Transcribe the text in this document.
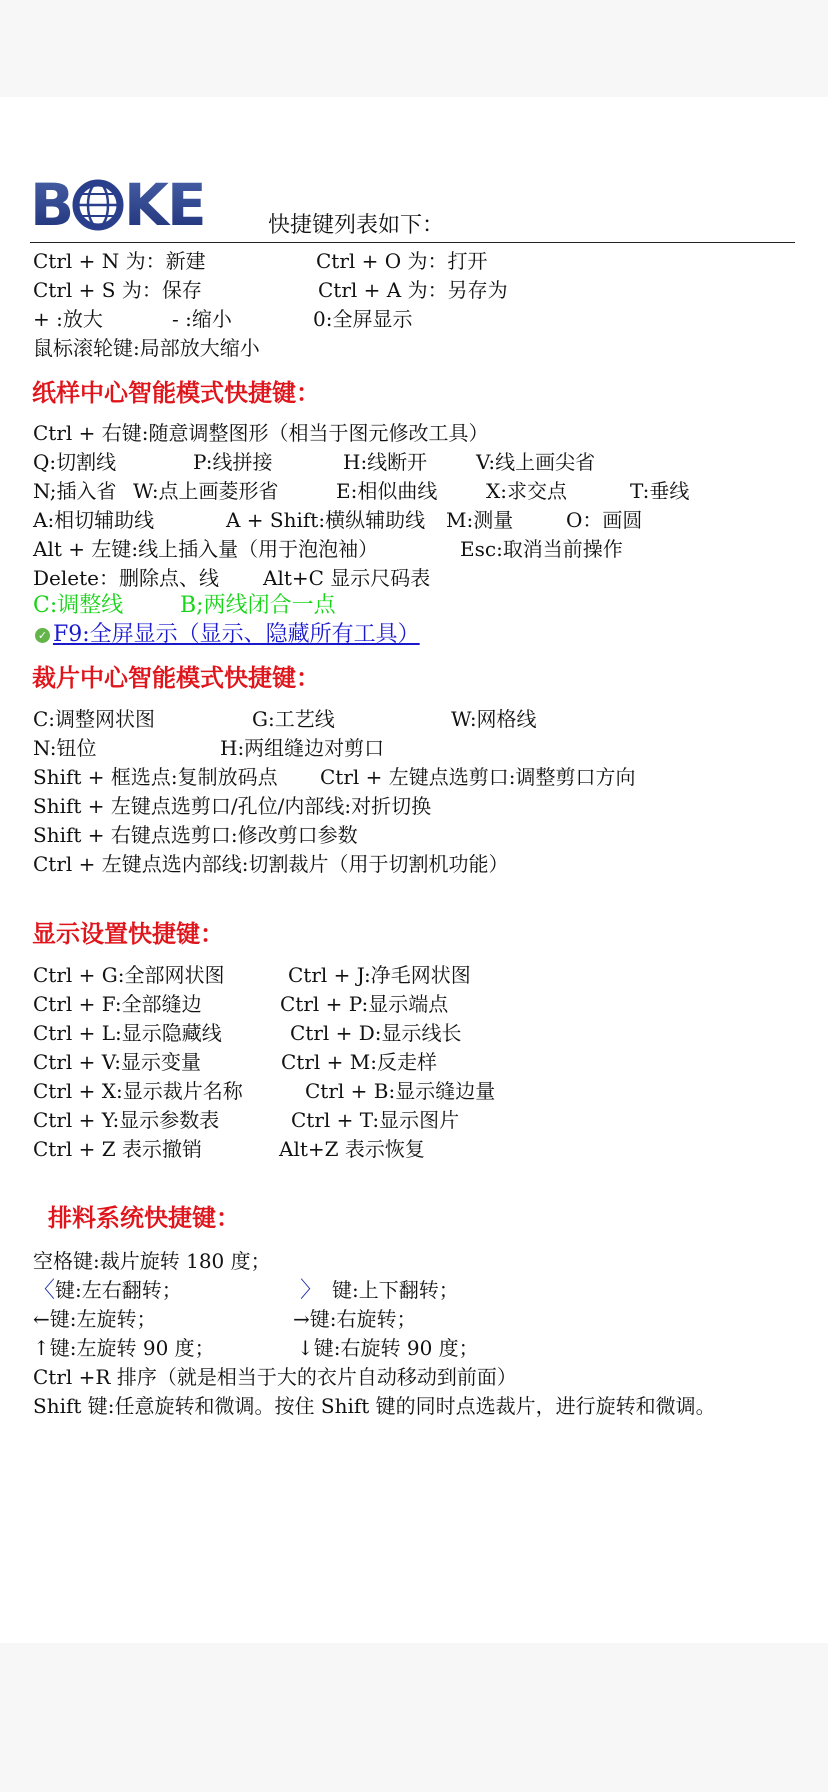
B KE	快捷键列表如下：
Ctrl + N 为：新建	Ctrl + O 为：打开
Ctrl + S 为：保存	Ctrl + A 为：另存为
+ :放大	- :缩小	0:全屏显示
鼠标滚轮键:局部放大缩小
纸样中心智能模式快捷键：
Ctrl + 右键:随意调整图形（相当于图元修改工具）
Q:切割线	P:线拼接	H:线断开 V:线上画尖省
N;插入省 W:点上画菱形省	E:相似曲线 X:求交点	T:垂线
A:相切辅助线	A + Shift:横纵辅助线 M:测量	O：画圆
Alt + 左键:线上插入量（用于泡泡袖）	Esc:取消当前操作
Delete：删除点、线 Alt+C 显示尺码表
C:调整线	B;两线闭合一点
✓ F9:全屏显示（显示、隐藏所有工具）
裁片中心智能模式快捷键：
C:调整网状图	G:工艺线	W:网格线
N:钮位	H:两组缝边对剪口
Shift + 框选点:复制放码点 Ctrl + 左键点选剪口:调整剪口方向
Shift + 左键点选剪口/孔位/内部线:对折切换
Shift + 右键点选剪口:修改剪口参数
Ctrl + 左键点选内部线:切割裁片（用于切割机功能）
显示设置快捷键：
Ctrl + G:全部网状图	Ctrl + J:净毛网状图
Ctrl + F:全部缝边	Ctrl + P:显示端点
Ctrl + L:显示隐藏线	Ctrl + D:显示线长
Ctrl + V:显示变量	Ctrl + M:反走样
Ctrl + X:显示裁片名称	Ctrl + B:显示缝边量
Ctrl + Y:显示参数表	Ctrl + T:显示图片
Ctrl + Z 表示撤销	Alt+Z 表示恢复
排料系统快捷键：
空格键:裁片旋转 180 度；
〈键:左右翻转；	〉 键:上下翻转；
←键:左旋转；	→键:右旋转；
↑键:左旋转 90 度；	↓键:右旋转 90 度；
Ctrl +R 排序（就是相当于大的衣片自动移动到前面）
Shift 键:任意旋转和微调。按住 Shift 键的同时点选裁片，进行旋转和微调。
